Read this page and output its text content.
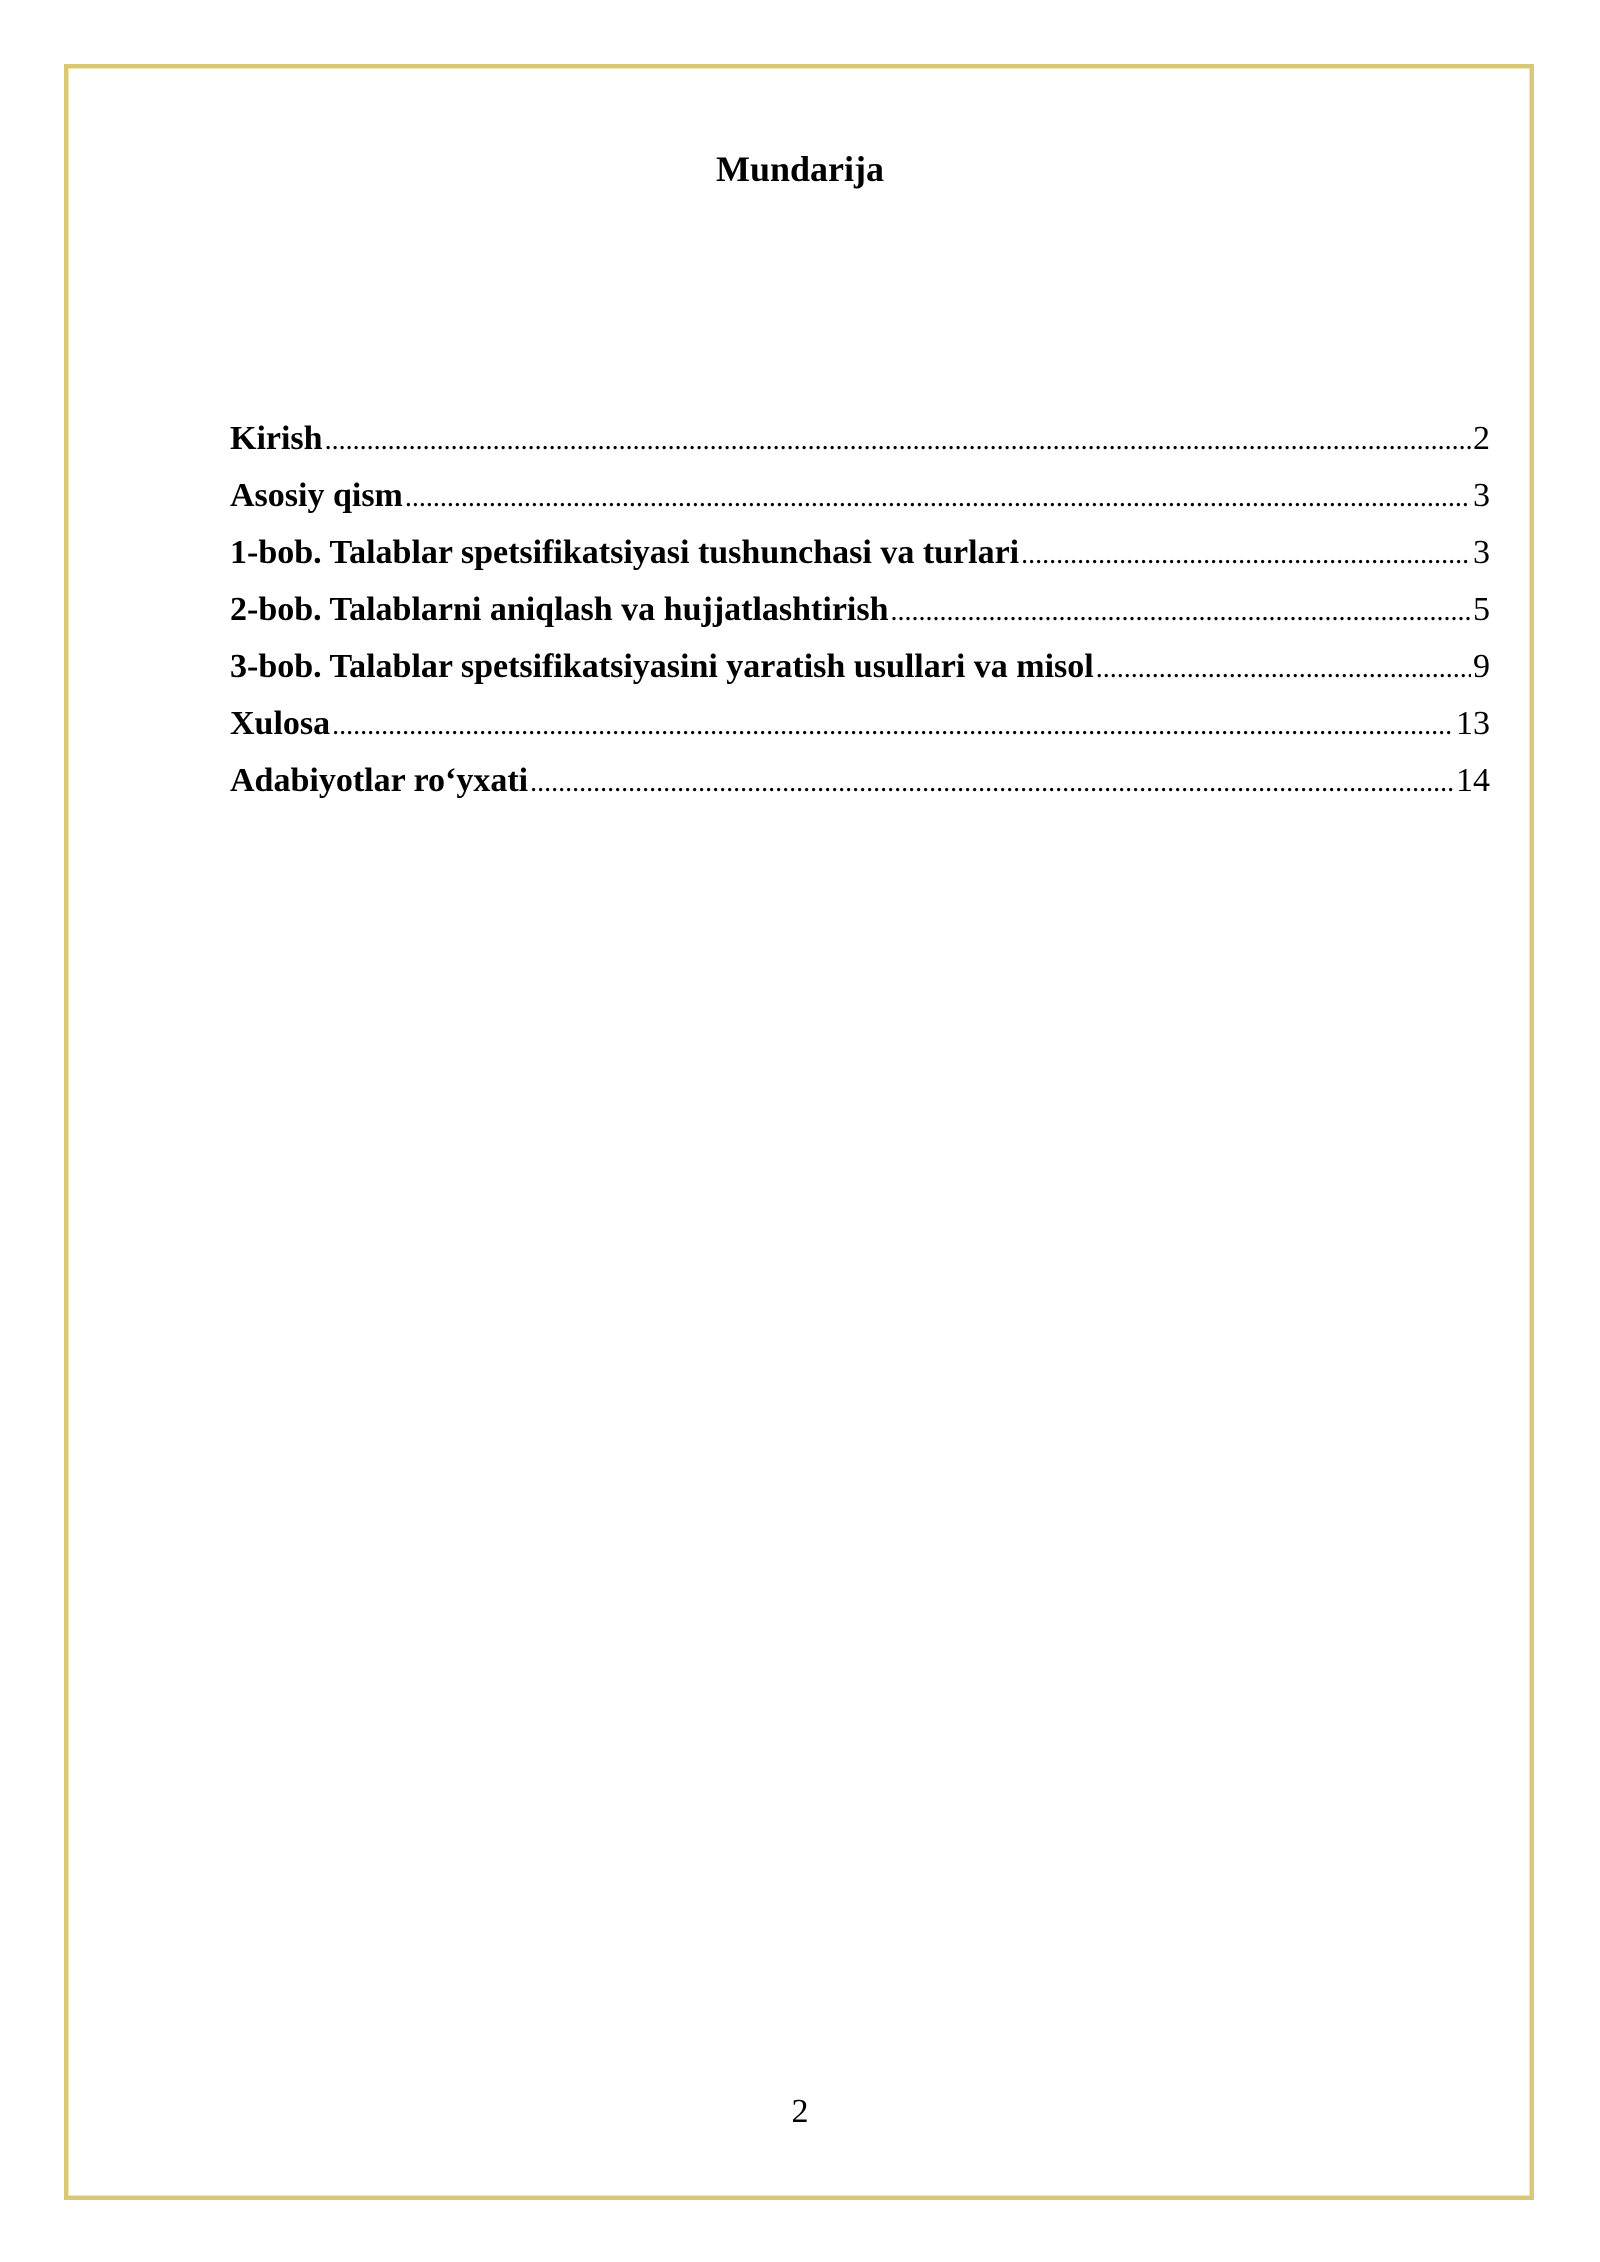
Mundarija
Kirish .....	2
Asosiy qism .....	3
1-bob. Talablar spetsifikatsiyasi tushunchasi va turlari .....	3
2-bob. Talablarni aniqlash va hujjatlashtirish .....	5
3-bob. Talablar spetsifikatsiyasini yaratish usullari va misol .....	9
Xulosa .....	13
Adabiyotlar ro‘yxati .....	14
2
